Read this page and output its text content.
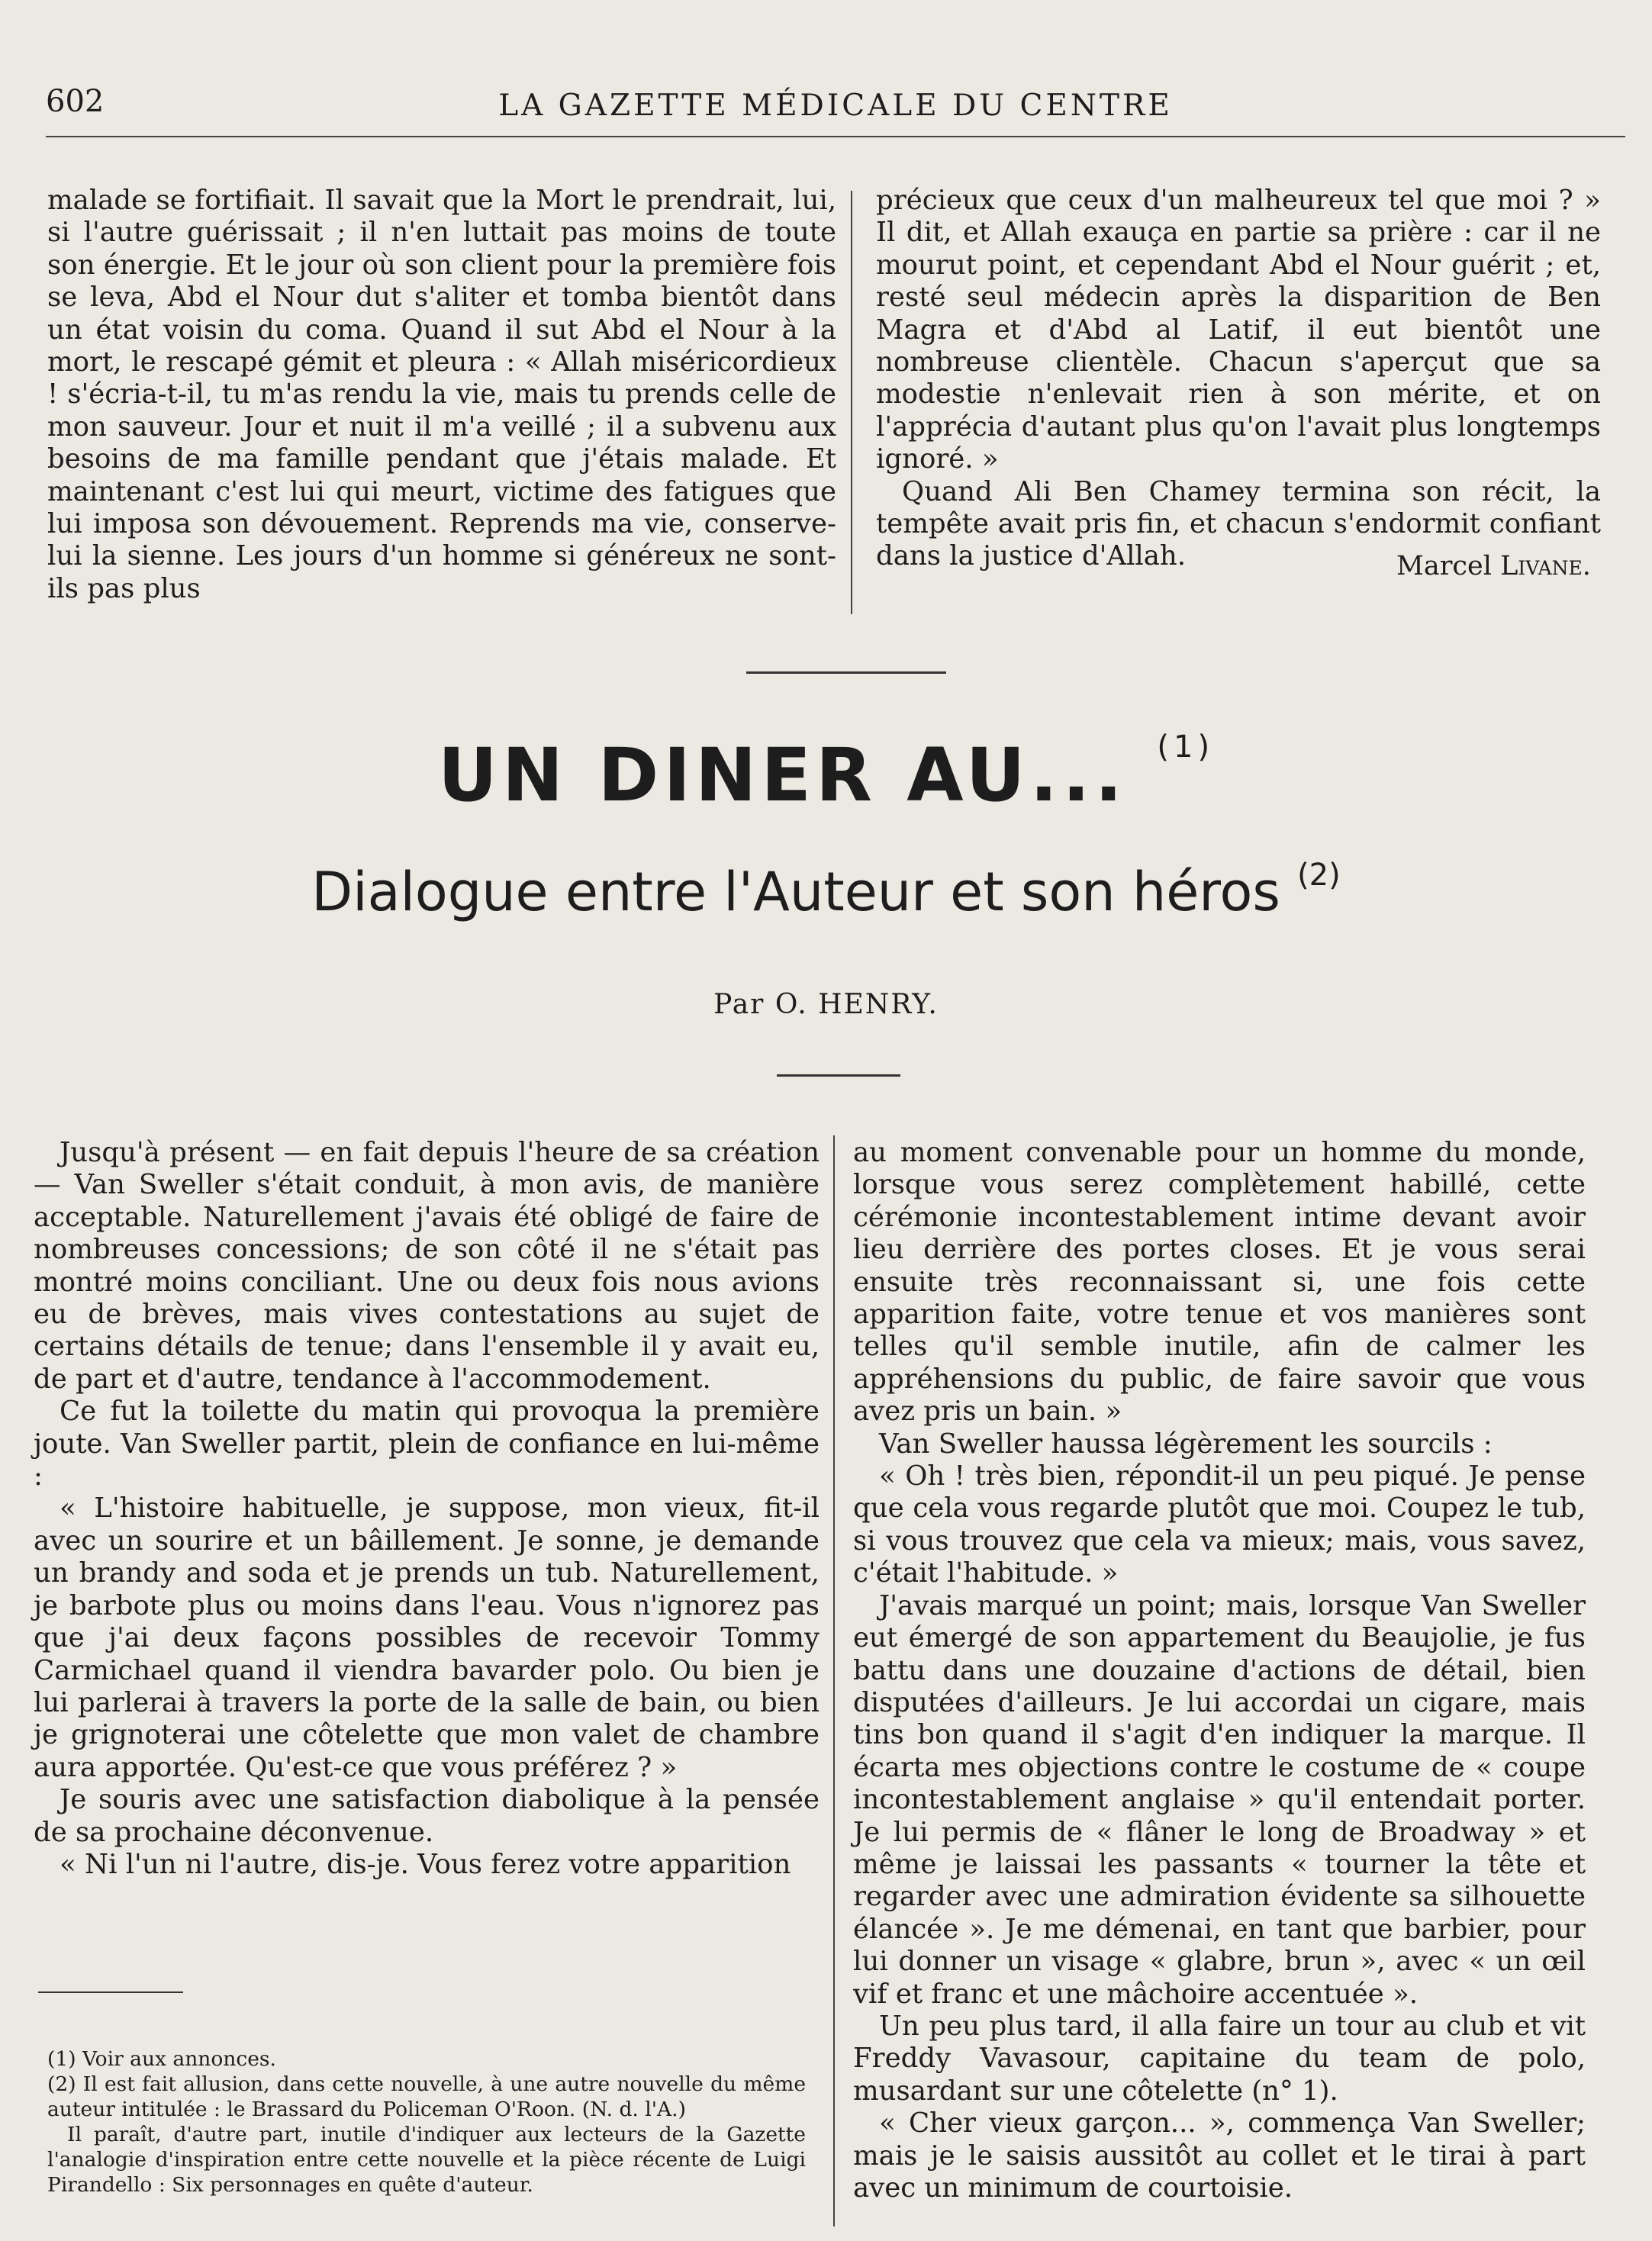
602	LA GAZETTE MÉDICALE DU CENTRE

malade se fortifiait. Il savait que la Mort le prendrait, lui, si l'autre guérissait ; il n'en luttait pas moins de toute son énergie. Et le jour où son client pour la première fois se leva, Abd el Nour dut s'aliter et tomba bientôt dans un état voisin du coma. Quand il sut Abd el Nour à la mort, le rescapé gémit et pleura : « Allah miséricordieux ! s'écria-t-il, tu m'as rendu la vie, mais tu prends celle de mon sauveur. Jour et nuit il m'a veillé ; il a subvenu aux besoins de ma famille pendant que j'étais malade. Et maintenant c'est lui qui meurt, victime des fatigues que lui imposa son dévouement. Reprends ma vie, conserve-lui la sienne. Les jours d'un homme si généreux ne sont-ils pas plus

précieux que ceux d'un malheureux tel que moi ? » Il dit, et Allah exauça en partie sa prière : car il ne mourut point, et cependant Abd el Nour guérit ; et, resté seul médecin après la disparition de Ben Magra et d'Abd al Latif, il eut bientôt une nombreuse clientèle. Chacun s'aperçut que sa modestie n'enlevait rien à son mérite, et on l'apprécia d'autant plus qu'on l'avait plus longtemps ignoré. »

Quand Ali Ben Chamey termina son récit, la tempête avait pris fin, et chacun s'endormit confiant dans la justice d'Allah.	Marcel Livane.
UN DINER AU... $^{(1)}$
Dialogue entre l'Auteur et son héros $^{(2)}$
Par O. HENRY.

Jusqu'à présent — en fait depuis l'heure de sa création — Van Sweller s'était conduit, à mon avis, de manière acceptable. Naturellement j'avais été obligé de faire de nombreuses concessions; de son côté il ne s'était pas montré moins conciliant. Une ou deux fois nous avions eu de brèves, mais vives contestations au sujet de certains détails de tenue; dans l'ensemble il y avait eu, de part et d'autre, tendance à l'accommodement.

Ce fut la toilette du matin qui provoqua la première joute. Van Sweller partit, plein de confiance en lui-même :

« L'histoire habituelle, je suppose, mon vieux, fit-il avec un sourire et un bâillement. Je sonne, je demande un brandy and soda et je prends un tub. Naturellement, je barbote plus ou moins dans l'eau. Vous n'ignorez pas que j'ai deux façons possibles de recevoir Tommy Carmichael quand il viendra bavarder polo. Ou bien je lui parlerai à travers la porte de la salle de bain, ou bien je grignoterai une côtelette que mon valet de chambre aura apportée. Qu'est-ce que vous préférez ? »

Je souris avec une satisfaction diabolique à la pensée de sa prochaine déconvenue.

« Ni l'un ni l'autre, dis-je. Vous ferez votre apparition

au moment convenable pour un homme du monde, lorsque vous serez complètement habillé, cette cérémonie incontestablement intime devant avoir lieu derrière des portes closes. Et je vous serai ensuite très reconnaissant si, une fois cette apparition faite, votre tenue et vos manières sont telles qu'il semble inutile, afin de calmer les appréhensions du public, de faire savoir que vous avez pris un bain. »

Van Sweller haussa légèrement les sourcils :

« Oh ! très bien, répondit-il un peu piqué. Je pense que cela vous regarde plutôt que moi. Coupez le tub, si vous trouvez que cela va mieux; mais, vous savez, c'était l'habitude. »

J'avais marqué un point; mais, lorsque Van Sweller eut émergé de son appartement du Beaujolie, je fus battu dans une douzaine d'actions de détail, bien disputées d'ailleurs. Je lui accordai un cigare, mais tins bon quand il s'agit d'en indiquer la marque. Il écarta mes objections contre le costume de « coupe incontestablement anglaise » qu'il entendait porter. Je lui permis de « flâner le long de Broadway » et même je laissai les passants « tourner la tête et regarder avec une admiration évidente sa silhouette élancée ». Je me démenai, en tant que barbier, pour lui donner un visage « glabre, brun », avec « un œil vif et franc et une mâchoire accentuée ».

Un peu plus tard, il alla faire un tour au club et vit Freddy Vavasour, capitaine du team de polo, musardant sur une côtelette (n° 1).

« Cher vieux garçon... », commença Van Sweller; mais je le saisis aussitôt au collet et le tirai à part avec un minimum de courtoisie.

(1) Voir aux annonces.

(2) Il est fait allusion, dans cette nouvelle, à une autre nouvelle du même auteur intitulée : le Brassard du Policeman O'Roon. (N. d. l'A.)

Il paraît, d'autre part, inutile d'indiquer aux lecteurs de la Gazette l'analogie d'inspiration entre cette nouvelle et la pièce récente de Luigi Pirandello : Six personnages en quête d'auteur.
